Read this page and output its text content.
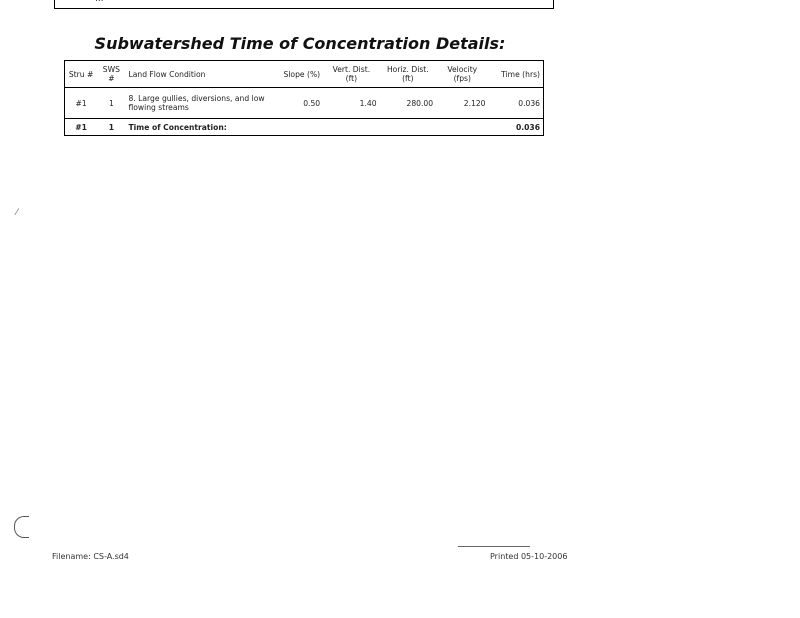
Subwatershed Time of Concentration Details:
Stru #	SWS #	Land Flow Condition	Slope (%)	Vert. Dist. (ft)	Horiz. Dist. (ft)	Velocity (fps)	Time (hrs)
#1	1	8. Large gullies, diversions, and low flowing streams	0.50	1.40	280.00	2.120	0.036
#1	1	Time of Concentration:					0.036
⁄
Filename: CS-A.sd4	Printed 05-10-2006
